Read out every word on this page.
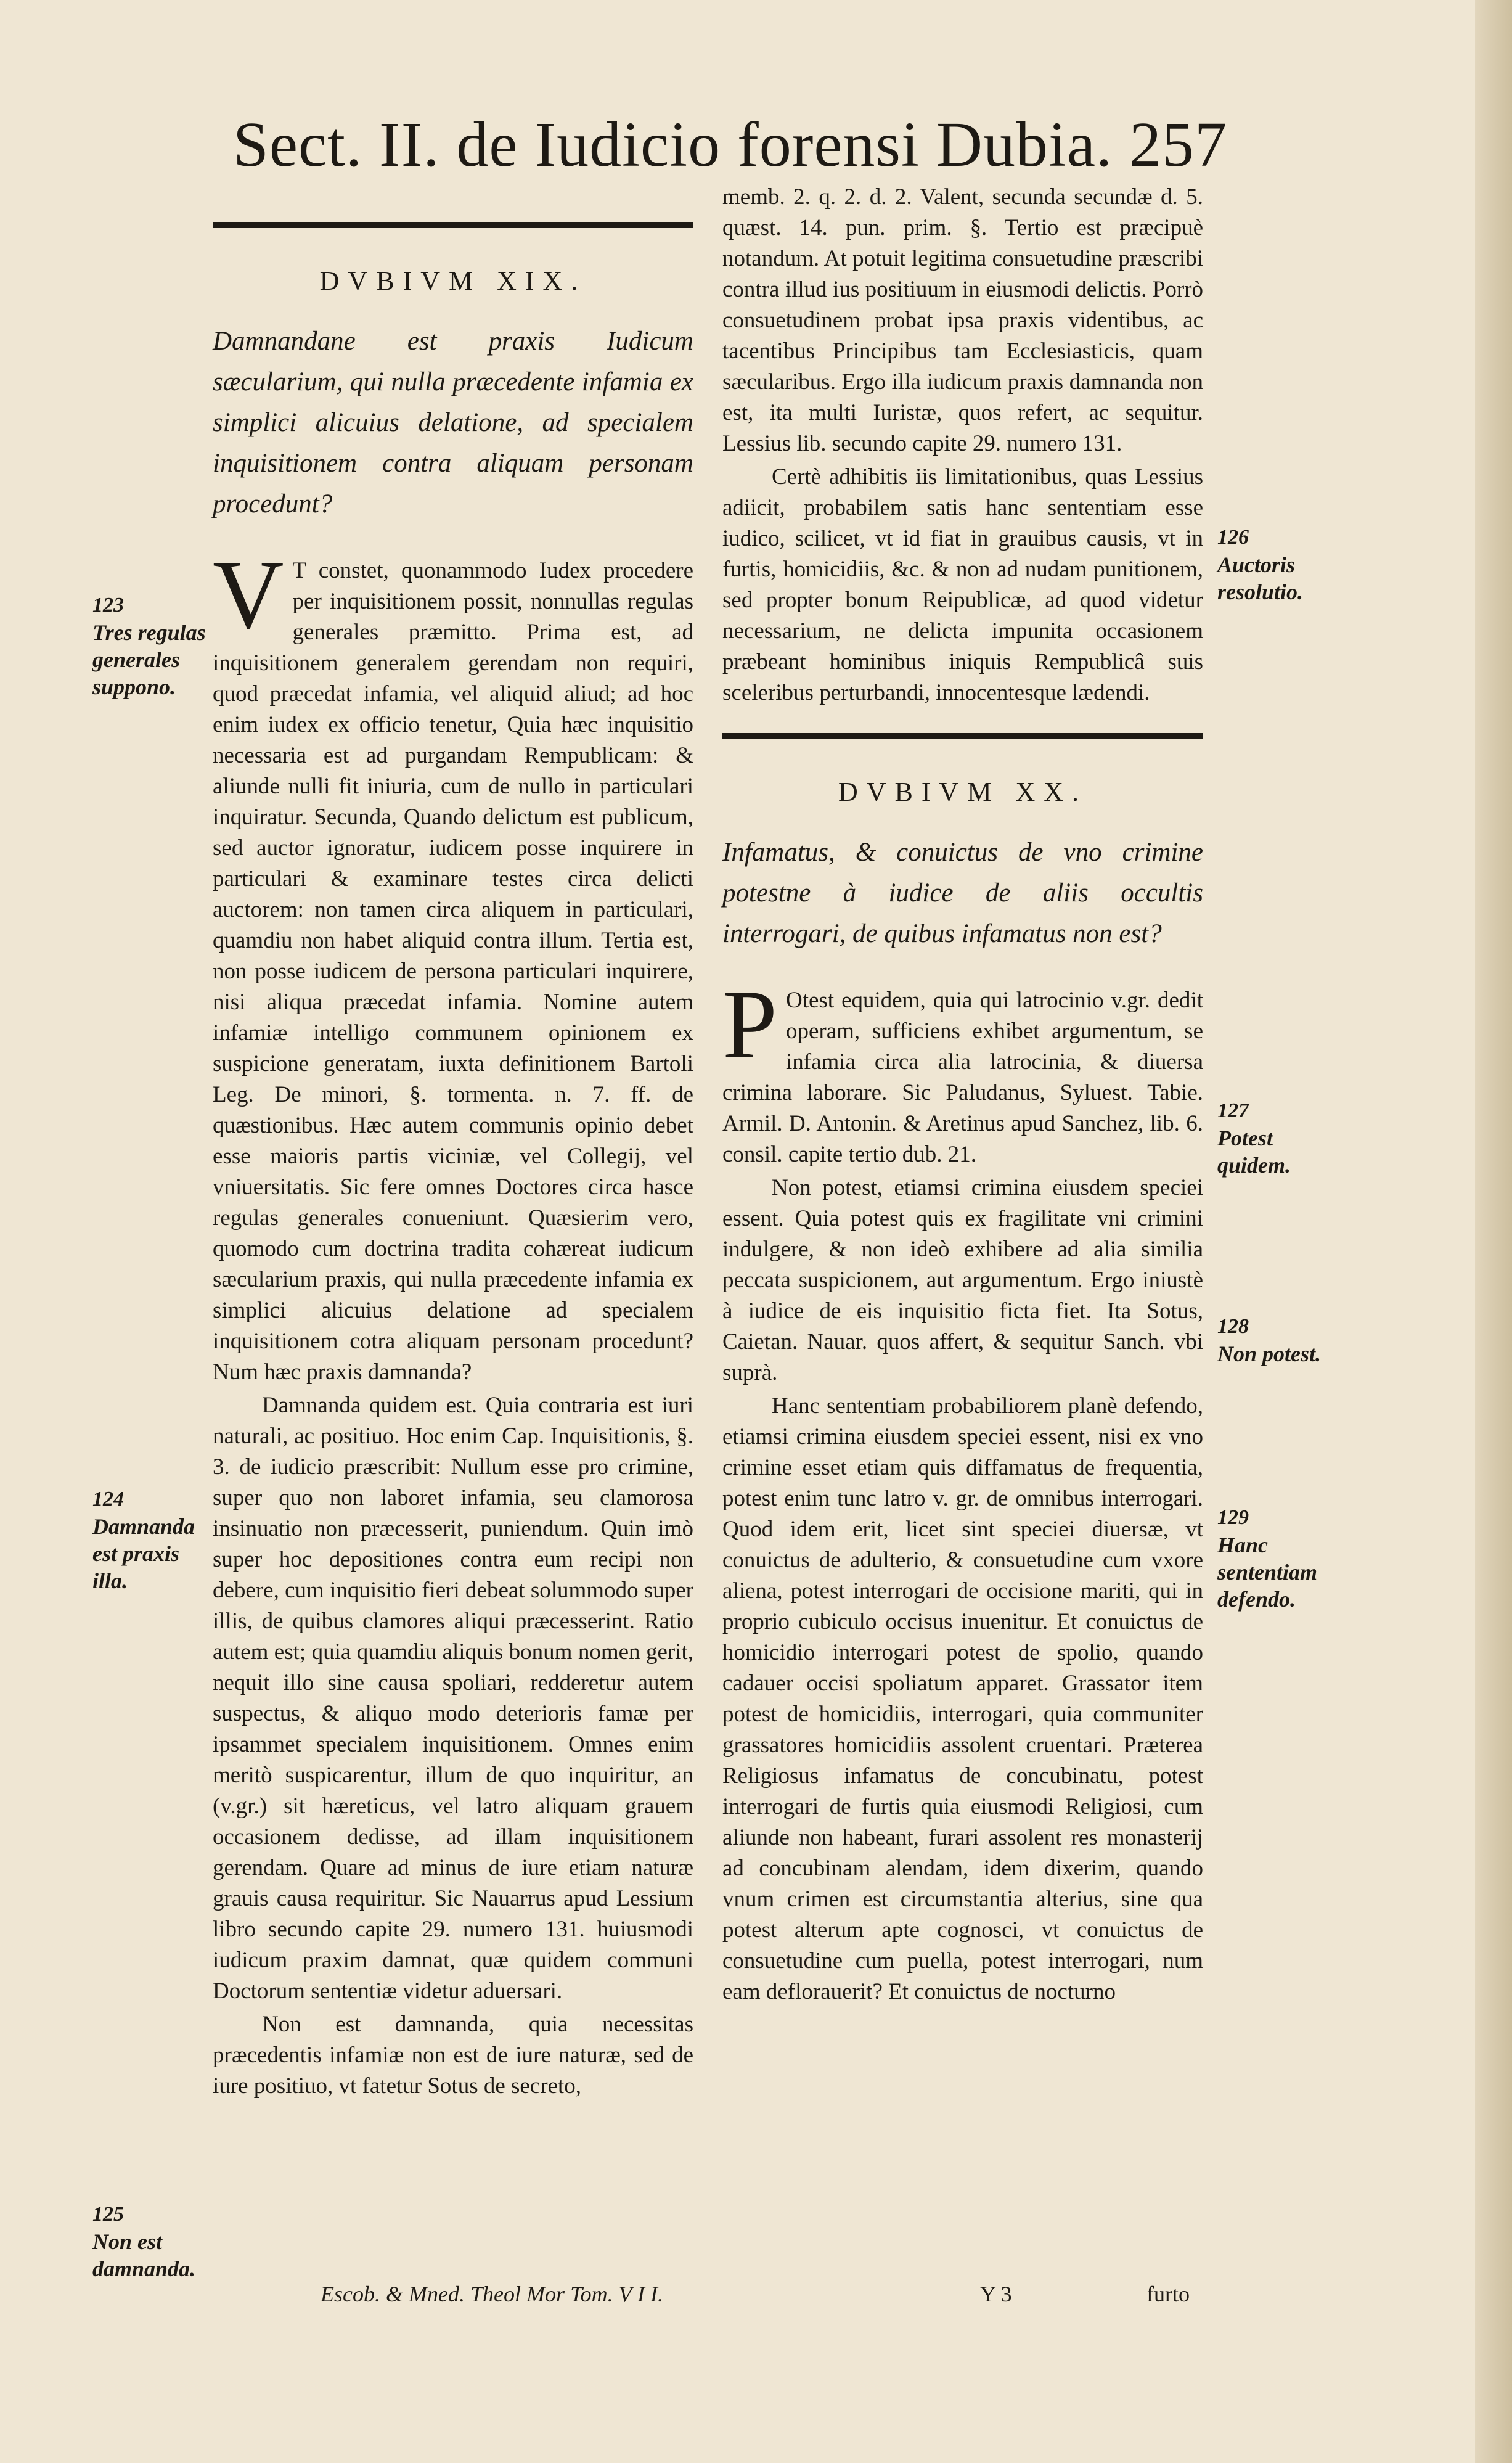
Sect. II. de Iudicio forensi Dubia. 257
DVBIVM XIX.
Damnandane est praxis Iudicum sæcularium, qui nulla præcedente infamia ex simplici alicuius delatione, ad specialem inquisitionem contra aliquam personam procedunt?
V T constet, quonammodo Iudex procedere per inquisitionem possit, nonnullas regulas generales præmitto. Prima est, ad inquisitionem generalem gerendam non requiri, quod præcedat infamia, vel aliquid aliud; ad hoc enim iudex ex officio tenetur, Quia hæc inquisitio necessaria est ad purgandam Rempublicam: & aliunde nulli fit iniuria, cum de nullo in particulari inquiratur. Secunda, Quando delictum est publicum, sed auctor ignoratur, iudicem posse inquirere in particulari & examinare testes circa delicti auctorem: non tamen circa aliquem in particulari, quamdiu non habet aliquid contra illum. Tertia est, non posse iudicem de persona particulari inquirere, nisi aliqua præcedat infamia. Nomine autem infamiæ intelligo communem opinionem ex suspicione generatam, iuxta definitionem Bartoli Leg. De minori, §. tormenta. n. 7. ff. de quæstionibus. Hæc autem communis opinio debet esse maioris partis viciniæ, vel Collegij, vel vniuersitatis. Sic fere omnes Doctores circa hasce regulas generales conueniunt. Quæsierim vero, quomodo cum doctrina tradita cohæreat iudicum sæcularium praxis, qui nulla præcedente infamia ex simplici alicuius delatione ad specialem inquisitionem cotra aliquam personam procedunt? Num hæc praxis damnanda?
Damnanda quidem est. Quia contraria est iuri naturali, ac positiuo. Hoc enim Cap. Inquisitionis, §. 3. de iudicio præscribit: Nullum esse pro crimine, super quo non laboret infamia, seu clamorosa insinuatio non præcesserit, puniendum. Quin imò super hoc depositiones contra eum recipi non debere, cum inquisitio fieri debeat solummodo super illis, de quibus clamores aliqui præcesserint. Ratio autem est; quia quamdiu aliquis bonum nomen gerit, nequit illo sine causa spoliari, redderetur autem suspectus, & aliquo modo deterioris famæ per ipsammet specialem inquisitionem. Omnes enim meritò suspicarentur, illum de quo inquiritur, an (v.gr.) sit hæreticus, vel latro aliquam grauem occasionem dedisse, ad illam inquisitionem gerendam. Quare ad minus de iure etiam naturæ grauis causa requiritur. Sic Nauarrus apud Lessium libro secundo capite 29. numero 131. huiusmodi iudicum praxim damnat, quæ quidem communi Doctorum sententiæ videtur aduersari.
Non est damnanda, quia necessitas præcedentis infamiæ non est de iure naturæ, sed de iure positiuo, vt fatetur Sotus de secreto,
memb. 2. q. 2. d. 2. Valent, secunda secundæ d. 5. quæst. 14. pun. prim. §. Tertio est præcipuè notandum. At potuit legitima consuetudine præscribi contra illud ius positiuum in eiusmodi delictis. Porrò consuetudinem probat ipsa praxis videntibus, ac tacentibus Principibus tam Ecclesiasticis, quam sæcularibus. Ergo illa iudicum praxis damnanda non est, ita multi Iuristæ, quos refert, ac sequitur. Lessius lib. secundo capite 29. numero 131.
Certè adhibitis iis limitationibus, quas Lessius adiicit, probabilem satis hanc sententiam esse iudico, scilicet, vt id fiat in grauibus causis, vt in furtis, homicidiis, &c. & non ad nudam punitionem, sed propter bonum Reipublicæ, ad quod videtur necessarium, ne delicta impunita occasionem præbeant hominibus iniquis Rempublicâ suis sceleribus perturbandi, innocentesque lædendi.
DVBIVM XX.
Infamatus, & conuictus de vno crimine potestne à iudice de aliis occultis interrogari, de quibus infamatus non est?
P Otest equidem, quia qui latrocinio v.gr. dedit operam, sufficiens exhibet argumentum, se infamia circa alia latrocinia, & diuersa crimina laborare. Sic Paludanus, Syluest. Tabie. Armil. D. Antonin. & Aretinus apud Sanchez, lib. 6. consil. capite tertio dub. 21.
Non potest, etiamsi crimina eiusdem speciei essent. Quia potest quis ex fragilitate vni crimini indulgere, & non ideò exhibere ad alia similia peccata suspicionem, aut argumentum. Ergo iniustè à iudice de eis inquisitio ficta fiet. Ita Sotus, Caietan. Nauar. quos affert, & sequitur Sanch. vbi suprà.
Hanc sententiam probabiliorem planè defendo, etiamsi crimina eiusdem speciei essent, nisi ex vno crimine esset etiam quis diffamatus de frequentia, potest enim tunc latro v. gr. de omnibus interrogari. Quod idem erit, licet sint speciei diuersæ, vt conuictus de adulterio, & consuetudine cum vxore aliena, potest interrogari de occisione mariti, qui in proprio cubiculo occisus inuenitur. Et conuictus de homicidio interrogari potest de spolio, quando cadauer occisi spoliatum apparet. Grassator item potest de homicidiis, interrogari, quia communiter grassatores homicidiis assolent cruentari. Præterea Religiosus infamatus de concubinatu, potest interrogari de furtis quia eiusmodi Religiosi, cum aliunde non habeant, furari assolent res monasterij ad concubinam alendam, idem dixerim, quando vnum crimen est circumstantia alterius, sine qua potest alterum apte cognosci, vt conuictus de consuetudine cum puella, potest interrogari, num eam deflorauerit? Et conuictus de nocturno
123
Tres regulas generales suppono.
124
Damnanda est praxis illa.
125
Non est damnanda.
126
Auctoris resolutio.
127
Potest quidem.
128
Non potest.
129
Hanc sententiam defendo.
Escob. & Mned. Theol Mor Tom. V I I.	Y 3	furto
